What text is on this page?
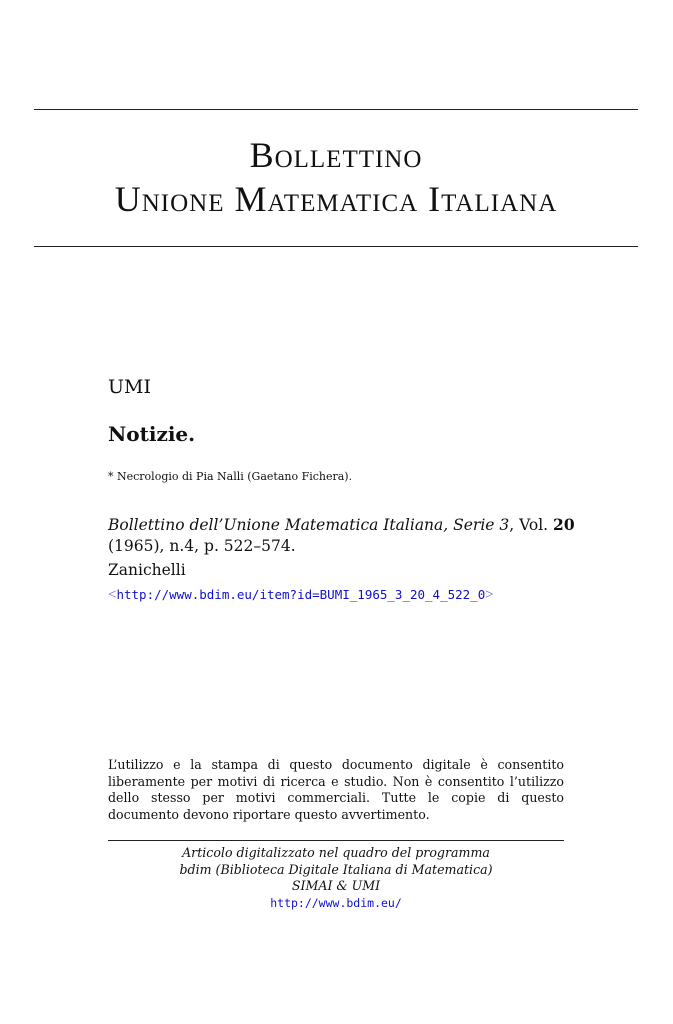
Bollettino
Unione Matematica Italiana

UMI

Notizie.

* Necrologio di Pia Nalli (Gaetano Fichera).

Bollettino dell’Unione Matematica Italiana, Serie 3, Vol. 20
(1965), n.4, p. 522–574.

Zanichelli

<http://www.bdim.eu/item?id=BUMI_1965_3_20_4_522_0>

L’utilizzo e la stampa di questo documento digitale è consentito liberamente per motivi di ricerca e studio. Non è consentito l’utilizzo dello stesso per motivi commerciali. Tutte le copie di questo documento devono riportare questo avvertimento.

Articolo digitalizzato nel quadro del programma
bdim (Biblioteca Digitale Italiana di Matematica)
SIMAI & UMI
http://www.bdim.eu/
